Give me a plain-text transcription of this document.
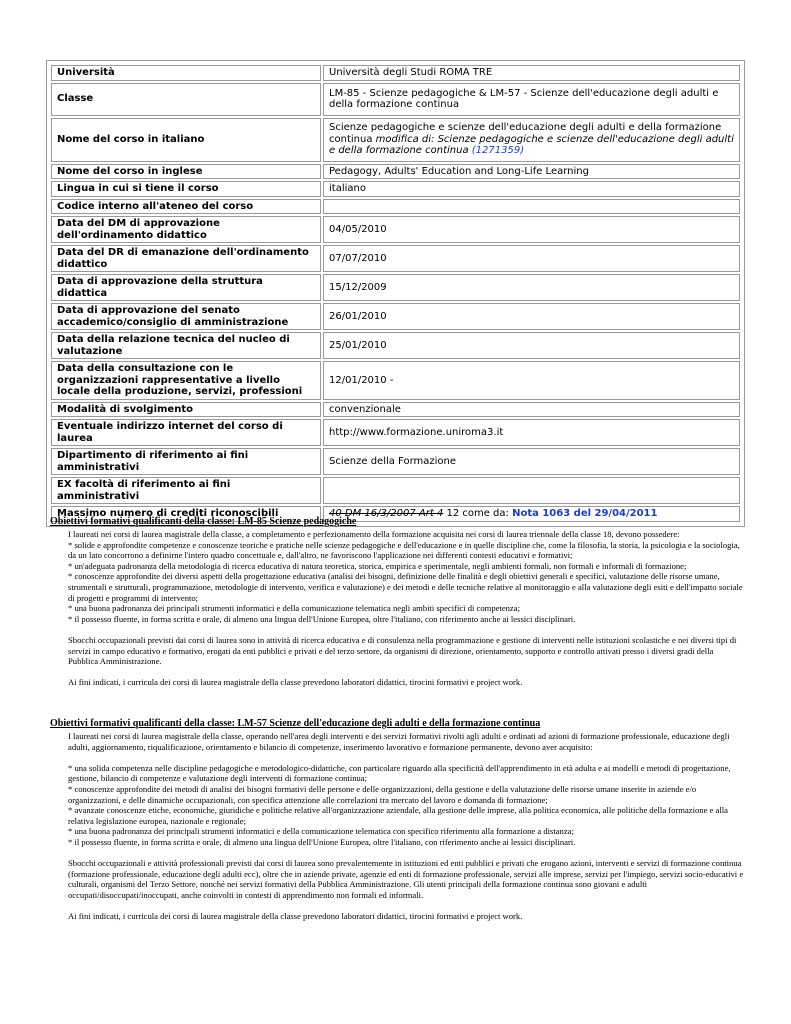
Università	Università degli Studi ROMA TRE
Classe	LM-85 - Scienze pedagogiche & LM-57 - Scienze dell'educazione degli adulti e della formazione continua
Nome del corso in italiano	Scienze pedagogiche e scienze dell'educazione degli adulti e della formazione continua modifica di: Scienze pedagogiche e scienze dell'educazione degli adulti e della formazione continua (1271359)
Nome del corso in inglese	Pedagogy, Adults' Education and Long-Life Learning
Lingua in cui si tiene il corso	italiano
Codice interno all'ateneo del corso	
Data del DM di approvazione dell'ordinamento didattico	04/05/2010
Data del DR di emanazione dell'ordinamento didattico	07/07/2010
Data di approvazione della struttura didattica	15/12/2009
Data di approvazione del senato accademico/consiglio di amministrazione	26/01/2010
Data della relazione tecnica del nucleo di valutazione	25/01/2010
Data della consultazione con le organizzazioni rappresentative a livello locale della produzione, servizi, professioni	12/01/2010 -
Modalità di svolgimento	convenzionale
Eventuale indirizzo internet del corso di laurea	http://www.formazione.uniroma3.it
Dipartimento di riferimento ai fini amministrativi	Scienze della Formazione
EX facoltà di riferimento ai fini amministrativi	
Massimo numero di crediti riconoscibili	40 DM 16/3/2007 Art 4 12 come da: Nota 1063 del 29/04/2011
Obiettivi formativi qualificanti della classe: LM-85 Scienze pedagogiche

I laureati nei corsi di laurea magistrale della classe, a completamento e perfezionamento della formazione acquisita nei corsi di laurea triennale della classe 18, devono possedere:

* solide e approfondite competenze e conoscenze teoriche e pratiche nelle scienze pedagogiche e dell'educazione e in quelle discipline che, come la filosofia, la storia, la psicologia e la sociologia, da un lato concorrono a definirne l'intero quadro concettuale e, dall'altro, ne favoriscono l'applicazione nei differenti contesti educativi e formativi;

* un'adeguata padronanza della metodologia di ricerca educativa di natura teoretica, storica, empirica e sperimentale, negli ambienti formali, non formali e informali di formazione;

* conoscenze approfondite dei diversi aspetti della progettazione educativa (analisi dei bisogni, definizione delle finalità e degli obiettivi generali e specifici, valutazione delle risorse umane, strumentali e strutturali, programmazione, metodologie di intervento, verifica e valutazione) e dei metodi e delle tecniche relative al monitoraggio e alla valutazione degli esiti e dell'impatto sociale di progetti e programmi di intervento;

* una buona padronanza dei principali strumenti informatici e della comunicazione telematica negli ambiti specifici di competenza;

* il possesso fluente, in forma scritta e orale, di almeno una lingua dell'Unione Europea, oltre l'italiano, con riferimento anche ai lessici disciplinari.

Sbocchi occupazionali previsti dai corsi di laurea sono in attività di ricerca educativa e di consulenza nella programmazione e gestione di interventi nelle istituzioni scolastiche e nei diversi tipi di servizi in campo educativo e formativo, erogati da enti pubblici e privati e del terzo settore, da organismi di direzione, orientamento, supporto e controllo attivati presso i diversi gradi della Pubblica Amministrazione.

Ai fini indicati, i curricula dei corsi di laurea magistrale della classe prevedono laboratori didattici, tirocini formativi e project work.

Obiettivi formativi qualificanti della classe: LM-57 Scienze dell'educazione degli adulti e della formazione continua

I laureati nei corsi di laurea magistrale della classe, operando nell'area degli interventi e dei servizi formativi rivolti agli adulti e ordinati ad azioni di formazione professionale, educazione degli adulti, aggiornamento, riqualificazione, orientamento e bilancio di competenze, inserimento lavorativo e formazione permanente, devono aver acquisito:

* una solida competenza nelle discipline pedagogiche e metodologico-didattiche, con particolare riguardo alla specificità dell'apprendimento in età adulta e ai modelli e metodi di progettazione, gestione, bilancio di competenze e valutazione degli interventi di formazione continua;

* conoscenze approfondite dei metodi di analisi dei bisogni formativi delle persone e delle organizzazioni, della gestione e della valutazione delle risorse umane inserite in aziende e/o organizzazioni, e delle dinamiche occupazionali, con specifica attenzione alle correlazioni tra mercato del lavoro e domanda di formazione;

* avanzate conoscenze etiche, economiche, giuridiche e politiche relative all'organizzazione aziendale, alla gestione delle imprese, alla politica economica, alle politiche della formazione e alla relativa legislazione europea, nazionale e regionale;

* una buona padronanza dei principali strumenti informatici e della comunicazione telematica con specifico riferimento alla formazione a distanza;

* il possesso fluente, in forma scritta e orale, di almeno una lingua dell'Unione Europea, oltre l'italiano, con riferimento anche ai lessici disciplinari.

Sbocchi occupazionali e attività professionali previsti dai corsi di laurea sono prevalentemente in istituzioni ed enti pubblici e privati che erogano azioni, interventi e servizi di formazione continua (formazione professionale, educazione degli adulti ecc), oltre che in aziende private, agenzie ed enti di formazione professionale, servizi alle imprese, servizi per l'impiego, servizi socio-educativi e culturali, organismi del Terzo Settore, nonché nei servizi formativi della Pubblica Amministrazione. Gli utenti principali della formazione continua sono giovani e adulti occupati/disoccupati/inoccupati, anche coinvolti in contesti di apprendimento non formali ed informali.

Ai fini indicati, i curricula dei corsi di laurea magistrale della classe prevedono laboratori didattici, tirocini formativi e project work.
